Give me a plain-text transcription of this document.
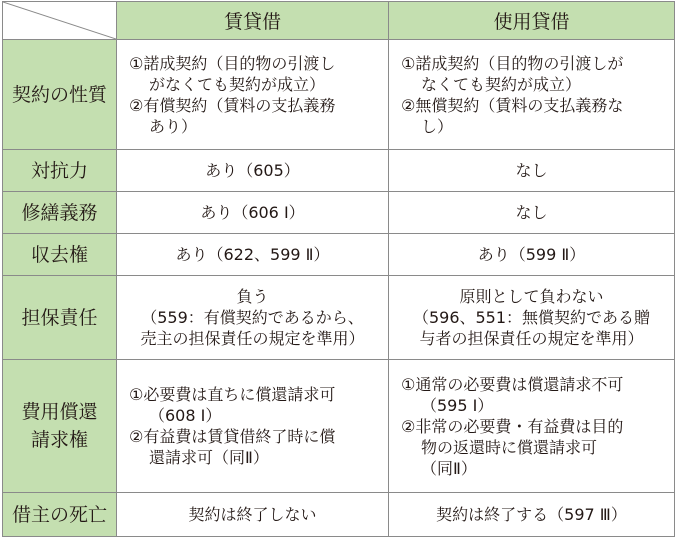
	賃貸借	使用貸借
契約の性質	①諾成契約（目的物の引渡し
がなくても契約が成立）
②有償契約（賃料の支払義務
あり）	①諾成契約（目的物の引渡しが
なくても契約が成立）
②無償契約（賃料の支払義務な
し）

対抗力	あり（605）	なし
修繕義務	あり（606 Ⅰ）	なし
収去権	あり（622、599 Ⅱ）	あり（599 Ⅱ）
担保責任	負う
（559：有償契約であるから、
売主の担保責任の規定を準用）	原則として負わない
（596、551：無償契約である贈
与者の担保責任の規定を準用）

費用償還
請求権	①必要費は直ちに償還請求可
（608 Ⅰ）
②有益費は賃貸借終了時に償
還請求可（同Ⅱ）	①通常の必要費は償還請求不可
（595 Ⅰ）
②非常の必要費・有益費は目的
物の返還時に償還請求可
（同Ⅱ）

借主の死亡	契約は終了しない	契約は終了する（597 Ⅲ）
